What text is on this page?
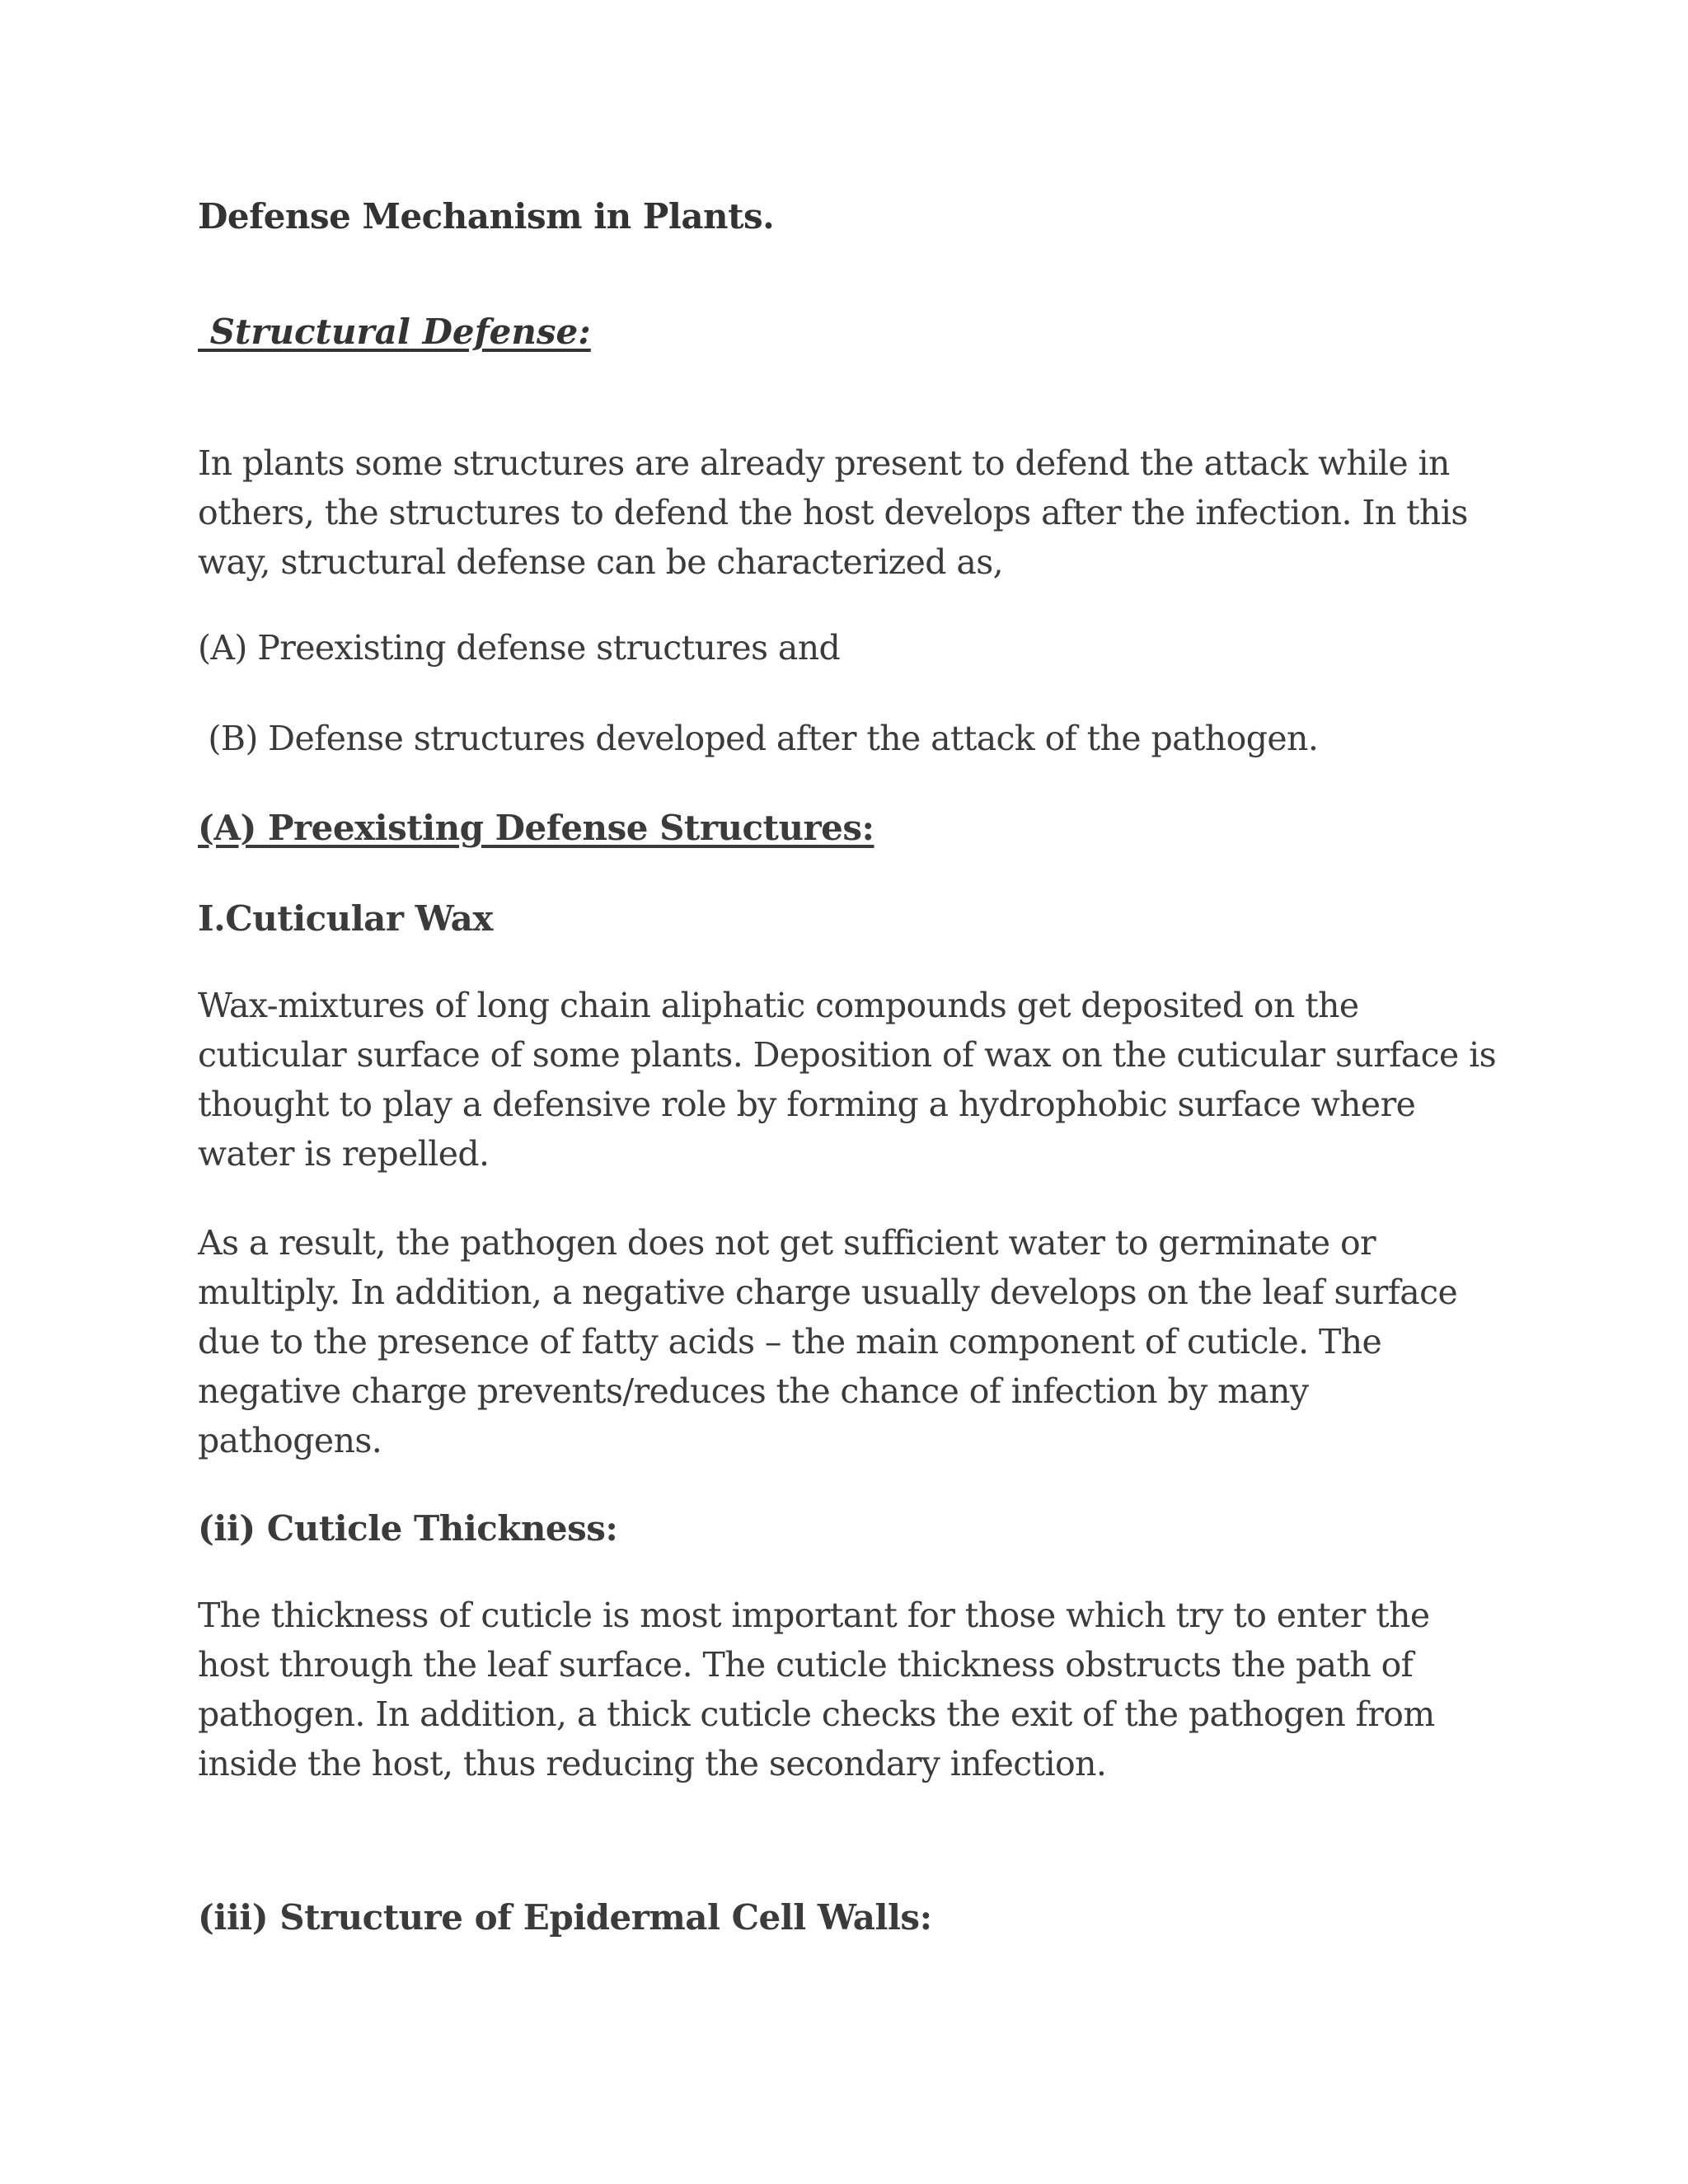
Defense Mechanism in Plants.

Structural Defense:

In plants some structures are already present to defend the attack while in others, the structures to defend the host develops after the infection. In this way, structural defense can be characterized as,

(A) Preexisting defense structures and

(B) Defense structures developed after the attack of the pathogen.

(A) Preexisting Defense Structures:

I.Cuticular Wax

Wax-mixtures of long chain aliphatic compounds get deposited on the cuticular surface of some plants. Deposition of wax on the cuticular surface is thought to play a defensive role by forming a hydrophobic surface where water is repelled.

As a result, the pathogen does not get sufficient water to germinate or multiply. In addition, a negative charge usually develops on the leaf surface due to the presence of fatty acids – the main component of cuticle. The negative charge prevents/reduces the chance of infection by many pathogens.

(ii) Cuticle Thickness:

The thickness of cuticle is most important for those which try to enter the host through the leaf surface. The cuticle thickness obstructs the path of pathogen. In addition, a thick cuticle checks the exit of the pathogen from inside the host, thus reducing the secondary infection.

(iii) Structure of Epidermal Cell Walls:
